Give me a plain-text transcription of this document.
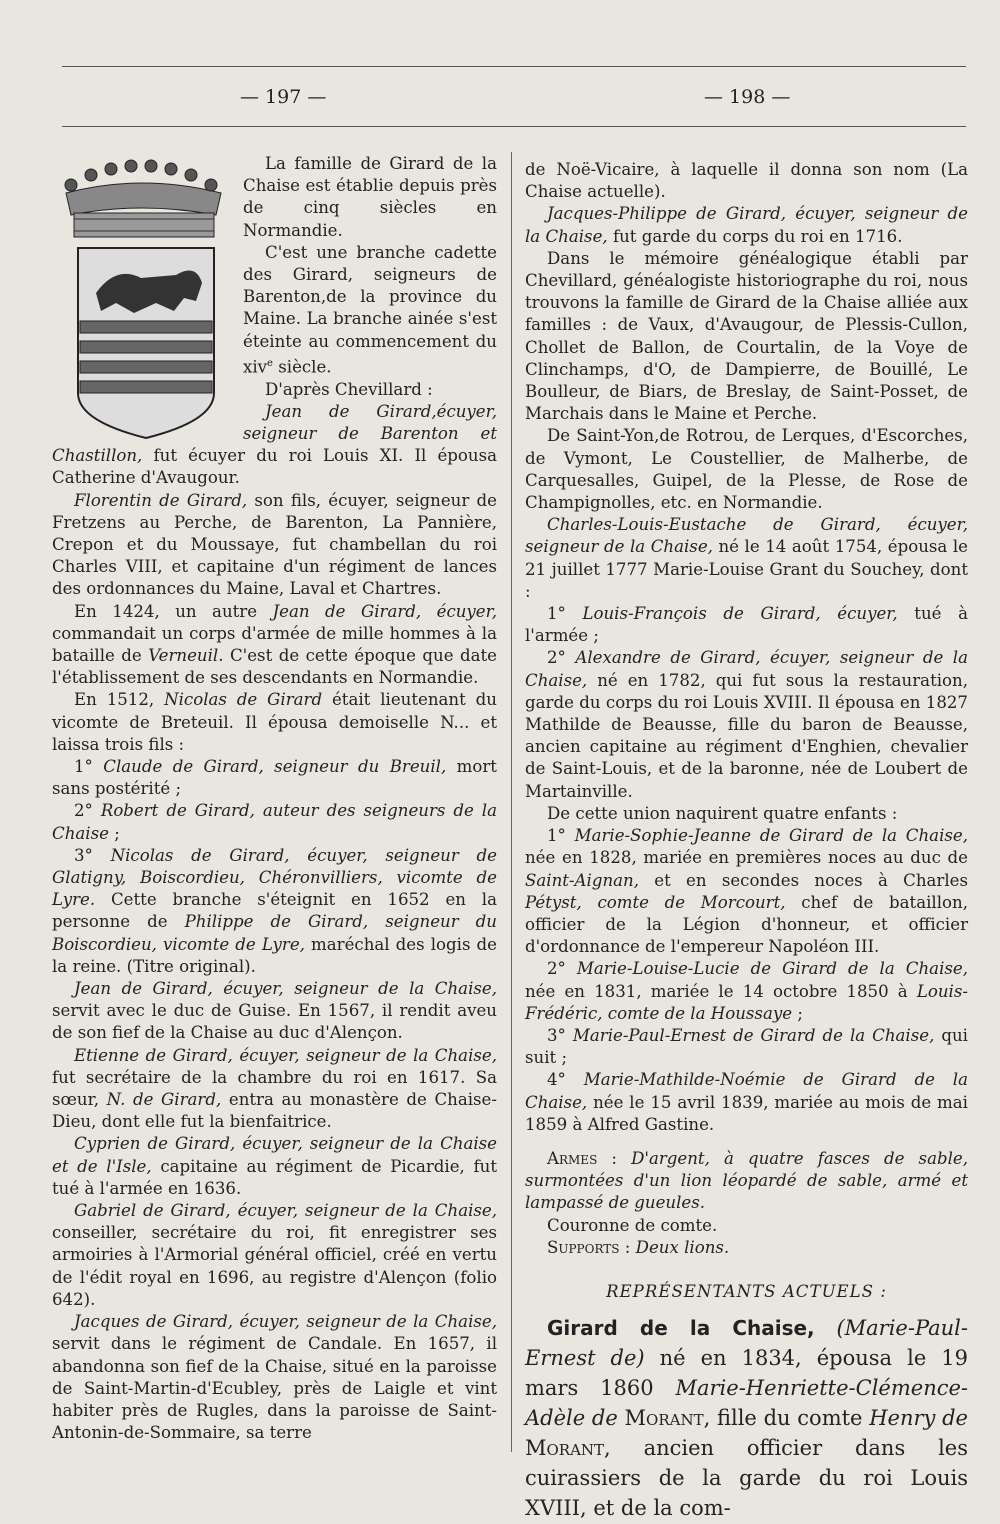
— 197 —	— 198 —

La famille de Girard de la Chaise est établie depuis près de cinq siècles en Normandie.

C'est une branche cadette des Girard, seigneurs de Barenton,de la province du Maine. La branche ainée s'est éteinte au commencement du xiv$^e$ siècle.

D'après Chevillard :

Jean de Girard,écuyer, seigneur de Barenton et Chastillon, fut écuyer du roi Louis XI. Il épousa Catherine d'Avaugour.

Florentin de Girard, son fils, écuyer, seigneur de Fretzens au Perche, de Barenton, La Pannière, Crepon et du Moussaye, fut chambellan du roi Charles VIII, et capitaine d'un régiment de lances des ordonnances du Maine, Laval et Chartres.

En 1424, un autre Jean de Girard, écuyer, commandait un corps d'armée de mille hommes à la bataille de Verneuil. C'est de cette époque que date l'établissement de ses descendants en Normandie.

En 1512, Nicolas de Girard était lieutenant du vicomte de Breteuil. Il épousa demoiselle N... et laissa trois fils :

1° Claude de Girard, seigneur du Breuil, mort sans postérité ;

2° Robert de Girard, auteur des seigneurs de la Chaise ;

3° Nicolas de Girard, écuyer, seigneur de Glatigny, Boiscordieu, Chéronvilliers, vicomte de Lyre. Cette branche s'éteignit en 1652 en la personne de Philippe de Girard, seigneur du Boiscordieu, vicomte de Lyre, maréchal des logis de la reine. (Titre original).

Jean de Girard, écuyer, seigneur de la Chaise, servit avec le duc de Guise. En 1567, il rendit aveu de son fief de la Chaise au duc d'Alençon.

Etienne de Girard, écuyer, seigneur de la Chaise, fut secrétaire de la chambre du roi en 1617. Sa sœur, N. de Girard, entra au monastère de Chaise-Dieu, dont elle fut la bienfaitrice.

Cyprien de Girard, écuyer, seigneur de la Chaise et de l'Isle, capitaine au régiment de Picardie, fut tué à l'armée en 1636.

Gabriel de Girard, écuyer, seigneur de la Chaise, conseiller, secrétaire du roi, fit enregistrer ses armoiries à l'Armorial général officiel, créé en vertu de l'édit royal en 1696, au registre d'Alençon (folio 642).

Jacques de Girard, écuyer, seigneur de la Chaise, servit dans le régiment de Candale. En 1657, il abandonna son fief de la Chaise, situé en la paroisse de Saint-Martin-d'Ecubley, près de Laigle et vint habiter près de Rugles, dans la paroisse de Saint-Antonin-de-Sommaire, sa terre

de Noë-Vicaire, à laquelle il donna son nom (La Chaise actuelle).

Jacques-Philippe de Girard, écuyer, seigneur de la Chaise, fut garde du corps du roi en 1716.

Dans le mémoire généalogique établi par Chevillard, généalogiste historiographe du roi, nous trouvons la famille de Girard de la Chaise alliée aux familles : de Vaux, d'Avaugour, de Plessis-Cullon, Chollet de Ballon, de Courtalin, de la Voye de Clinchamps, d'O, de Dampierre, de Bouillé, Le Boulleur, de Biars, de Breslay, de Saint-Posset, de Marchais dans le Maine et Perche.

De Saint-Yon,de Rotrou, de Lerques, d'Escorches, de Vymont, Le Coustellier, de Malherbe, de Carquesalles, Guipel, de la Plesse, de Rose de Champignolles, etc. en Normandie.

Charles-Louis-Eustache de Girard, écuyer, seigneur de la Chaise, né le 14 août 1754, épousa le 21 juillet 1777 Marie-Louise Grant du Souchey, dont :

1° Louis-François de Girard, écuyer, tué à l'armée ;

2° Alexandre de Girard, écuyer, seigneur de la Chaise, né en 1782, qui fut sous la restauration, garde du corps du roi Louis XVIII. Il épousa en 1827 Mathilde de Beausse, fille du baron de Beausse, ancien capitaine au régiment d'Enghien, chevalier de Saint-Louis, et de la baronne, née de Loubert de Martainville.

De cette union naquirent quatre enfants :

1° Marie-Sophie-Jeanne de Girard de la Chaise, née en 1828, mariée en premières noces au duc de Saint-Aignan, et en secondes noces à Charles Pétyst, comte de Morcourt, chef de bataillon, officier de la Légion d'honneur, et officier d'ordonnance de l'empereur Napoléon III.

2° Marie-Louise-Lucie de Girard de la Chaise, née en 1831, mariée le 14 octobre 1850 à Louis-Frédéric, comte de la Houssaye ;

3° Marie-Paul-Ernest de Girard de la Chaise, qui suit ;

4° Marie-Mathilde-Noémie de Girard de la Chaise, née le 15 avril 1839, mariée au mois de mai 1859 à Alfred Gastine.

Armes : D'argent, à quatre fasces de sable, surmontées d'un lion léopardé de sable, armé et lampassé de gueules.

Couronne de comte.

Supports : Deux lions.

REPRÉSENTANTS ACTUELS :

Girard de la Chaise, (Marie-Paul-Ernest de) né en 1834, épousa le 19 mars 1860 Marie-Henriette-Clémence-Adèle de Morant, fille du comte Henry de Morant, ancien officier dans les cuirassiers de la garde du roi Louis XVIII, et de la com-
